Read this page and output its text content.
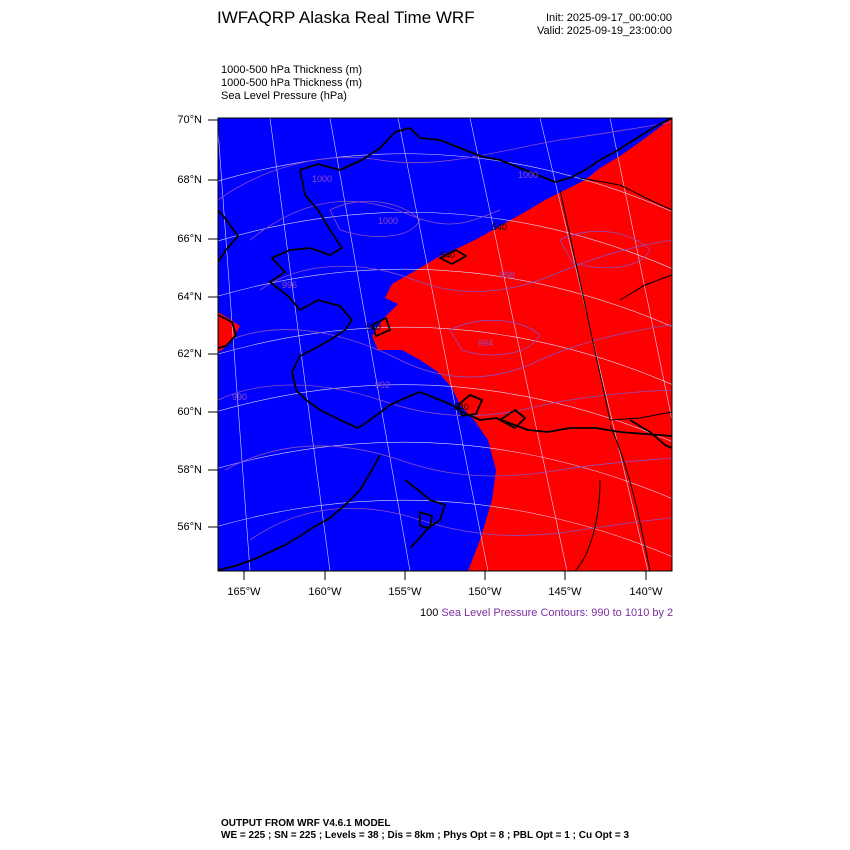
IWFAQRP Alaska Real Time WRF	Init: 2025-09-17_00:00:00
Valid: 2025-09-19_23:00:00
1000-500 hPa Thickness (m)
1000-500 hPa Thickness (m)
Sea Level Pressure (hPa)
1000
1000
1000
998
996
992
994
990
540
540
540
540
70°N
68°N
66°N
64°N
62°N
60°N
58°N
56°N
165°W	160°W	155°W	150°W	145°W	140°W
100 Sea Level Pressure Contours: 990 to 1010 by 2
OUTPUT FROM WRF V4.6.1 MODEL
WE = 225 ; SN = 225 ; Levels = 38 ; Dis = 8km ; Phys Opt = 8 ; PBL Opt = 1 ; Cu Opt = 3
